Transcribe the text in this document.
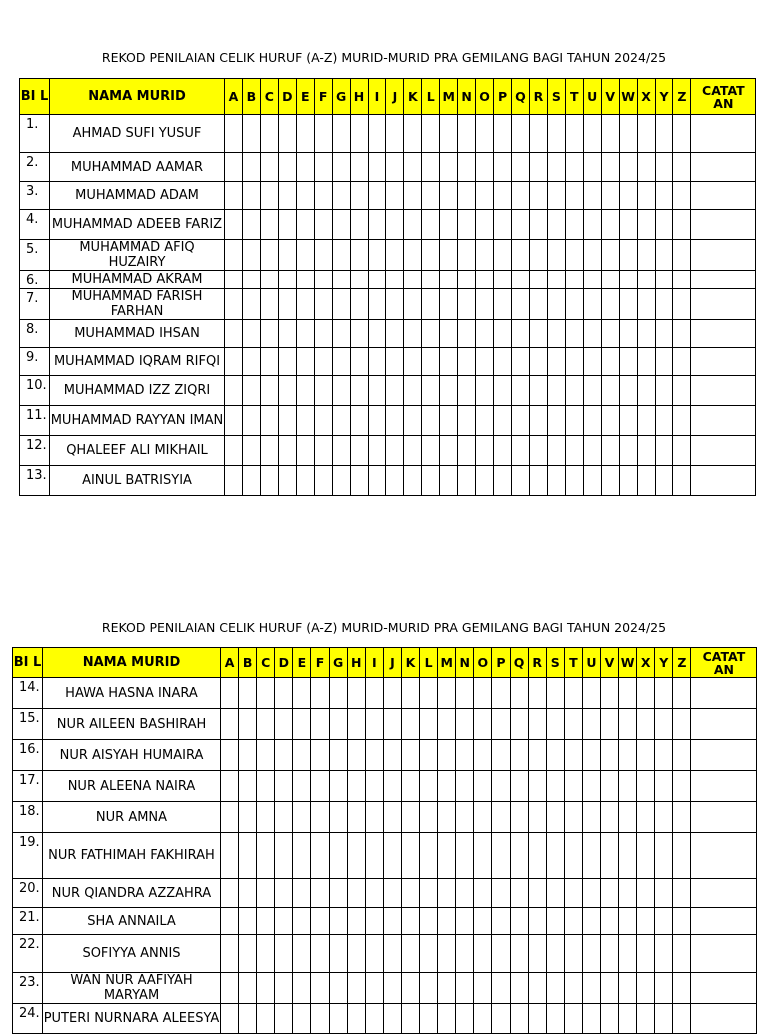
REKOD PENILAIAN CELIK HURUF (A-Z) MURID-MURID PRA GEMILANG BAGI TAHUN 2024/25
BI L	NAMA MURID	A	B	C	D	E	F	G	H	I	J	K	L	M	N	O	P	Q	R	S	T	U	V	W	X	Y	Z	CATAT AN
1.	AHMAD SUFI YUSUF																											
2.	MUHAMMAD AAMAR																											
3.	MUHAMMAD ADAM																											
4.	MUHAMMAD ADEEB FARIZ																											
5.	MUHAMMAD AFIQ HUZAIRY																											
6.	MUHAMMAD AKRAM																											
7.	MUHAMMAD FARISH FARHAN																											
8.	MUHAMMAD IHSAN																											
9.	MUHAMMAD IQRAM RIFQI																											
10.	MUHAMMAD IZZ ZIQRI																											
11.	MUHAMMAD RAYYAN IMAN																											
12.	QHALEEF ALI MIKHAIL																											
13.	AINUL BATRISYIA																											
REKOD PENILAIAN CELIK HURUF (A-Z) MURID-MURID PRA GEMILANG BAGI TAHUN 2024/25
BI L	NAMA MURID	A	B	C	D	E	F	G	H	I	J	K	L	M	N	O	P	Q	R	S	T	U	V	W	X	Y	Z	CATAT AN
14.	HAWA HASNA INARA																											
15.	NUR AILEEN BASHIRAH																											
16.	NUR AISYAH HUMAIRA																											
17.	NUR ALEENA NAIRA																											
18.	NUR AMNA																											
19.	NUR FATHIMAH FAKHIRAH																											
20.	NUR QIANDRA AZZAHRA																											
21.	SHA ANNAILA																											
22.	SOFIYYA ANNIS																											
23.	WAN NUR AAFIYAH MARYAM																											
24.	PUTERI NURNARA ALEESYA																											
